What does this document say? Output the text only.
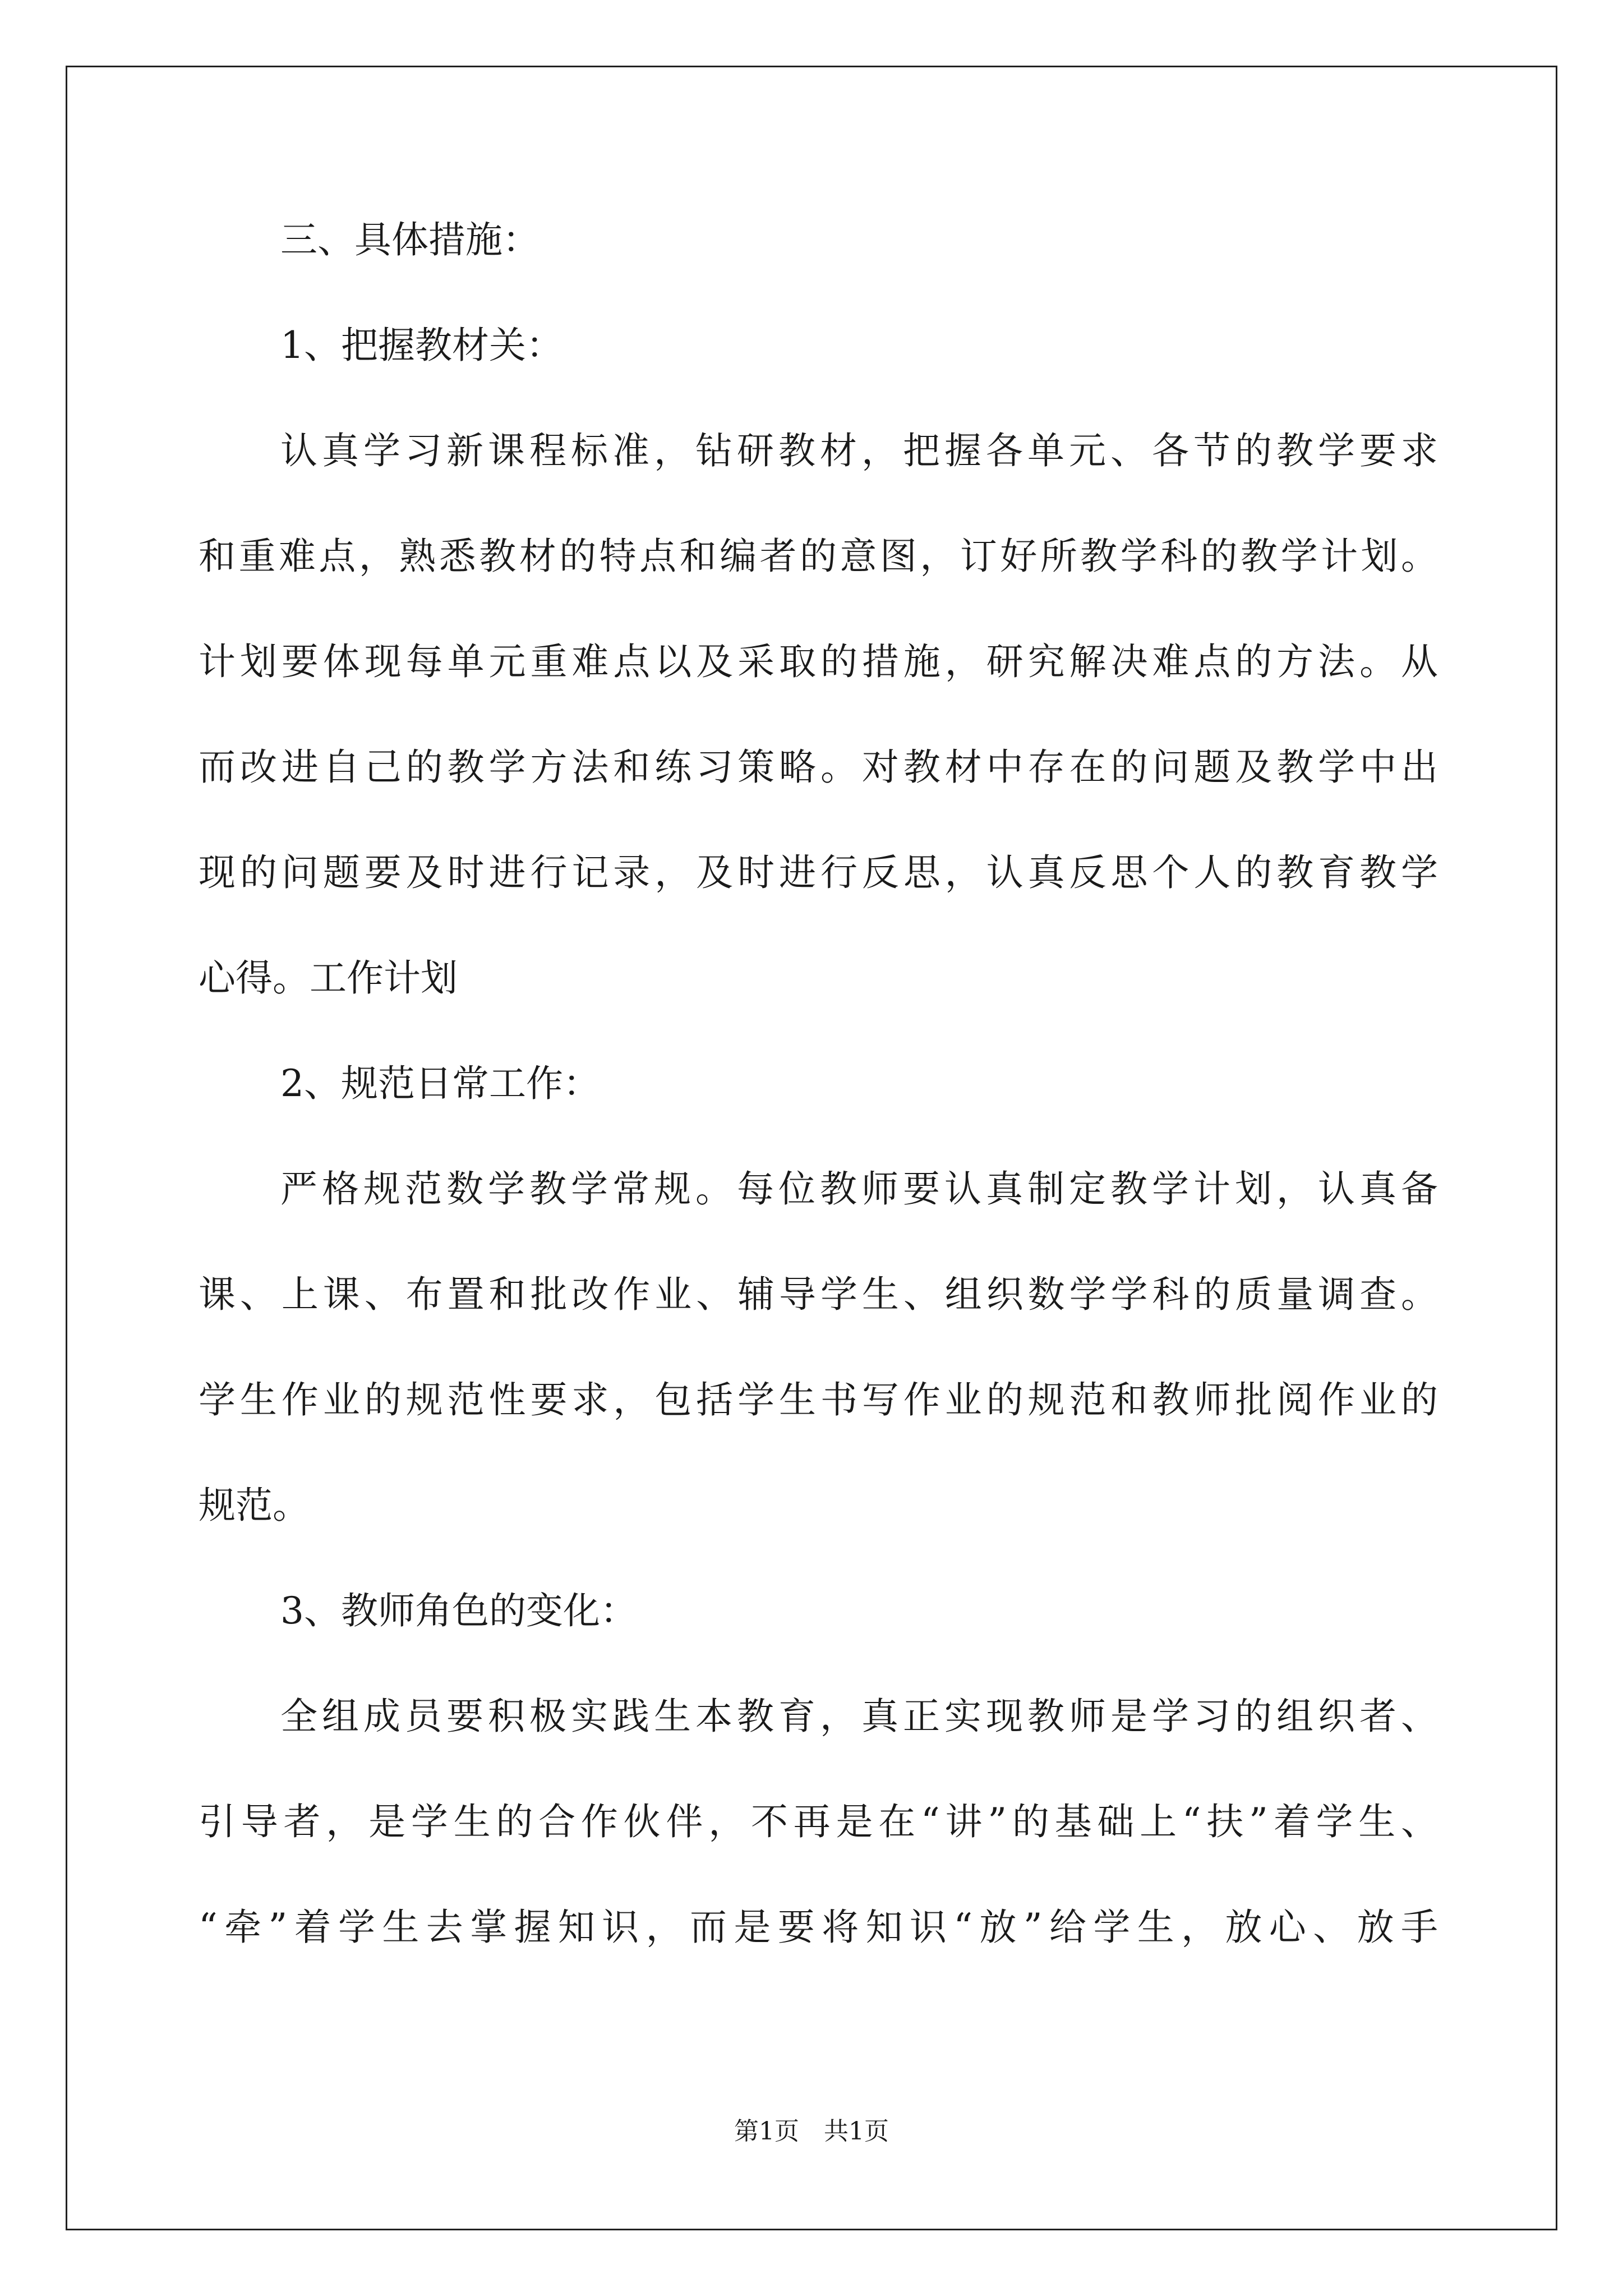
三、具体措施：
1、把握教材关：
认真学习新课程标准，钻研教材，把握各单元、各节的教学要求
和重难点，熟悉教材的特点和编者的意图，订好所教学科的教学计划。
计划要体现每单元重难点以及采取的措施，研究解决难点的方法。从
而改进自己的教学方法和练习策略。对教材中存在的问题及教学中出
现的问题要及时进行记录，及时进行反思，认真反思个人的教育教学
心得。工作计划
2、规范日常工作：
严格规范数学教学常规。每位教师要认真制定教学计划，认真备
课、上课、布置和批改作业、辅导学生、组织数学学科的质量调查。
学生作业的规范性要求，包括学生书写作业的规范和教师批阅作业的
规范。
3、教师角色的变化：
全组成员要积极实践生本教育，真正实现教师是学习的组织者、
引导者，是学生的合作伙伴，不再是在“讲”的基础上“扶”着学生、
“牵”着学生去掌握知识，而是要将知识“放”给学生，放心、放手
第1页　共1页
